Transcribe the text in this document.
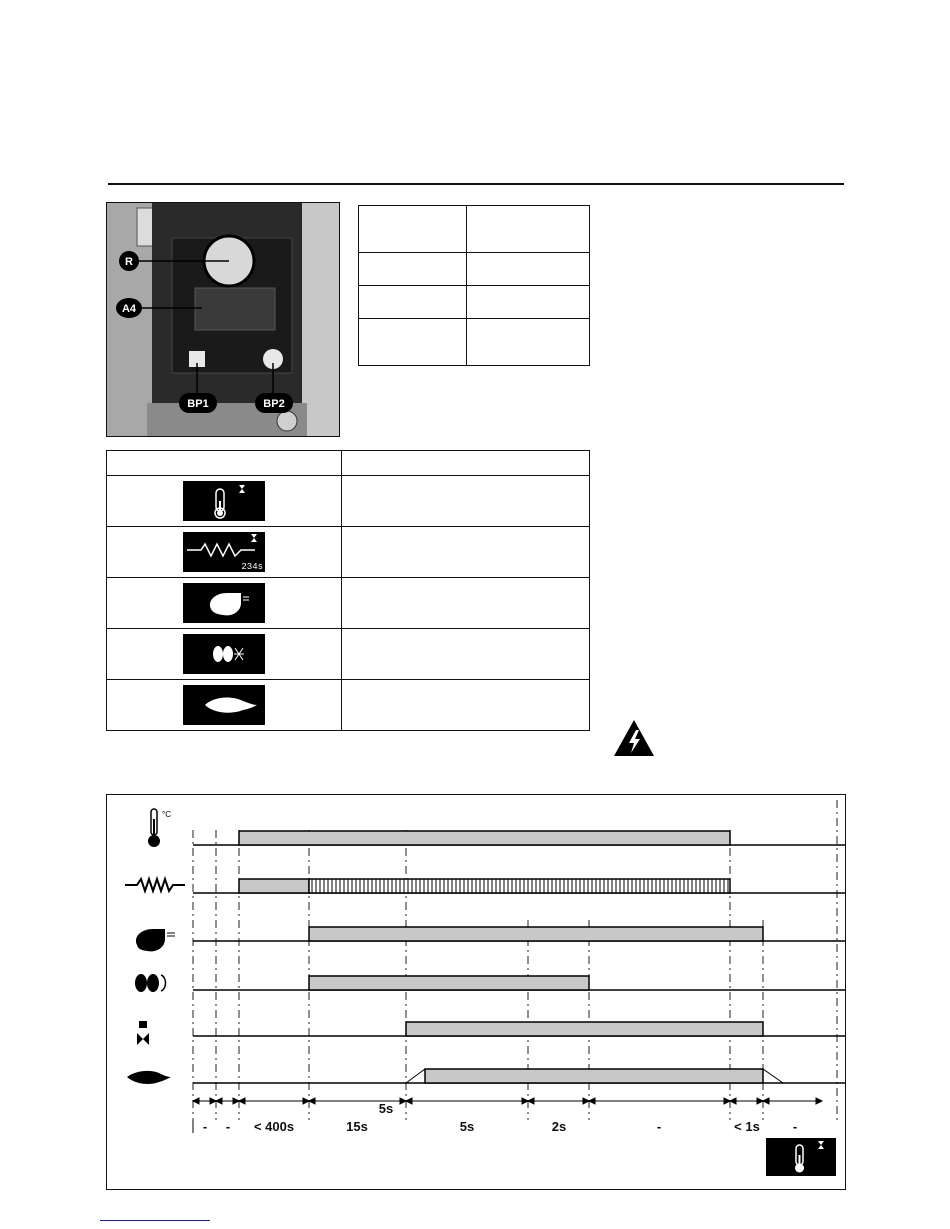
R
A4
BP1	BP2

234s	

°C
5s
- - < 400s	15s	5s	2s	-	< 1s	-
